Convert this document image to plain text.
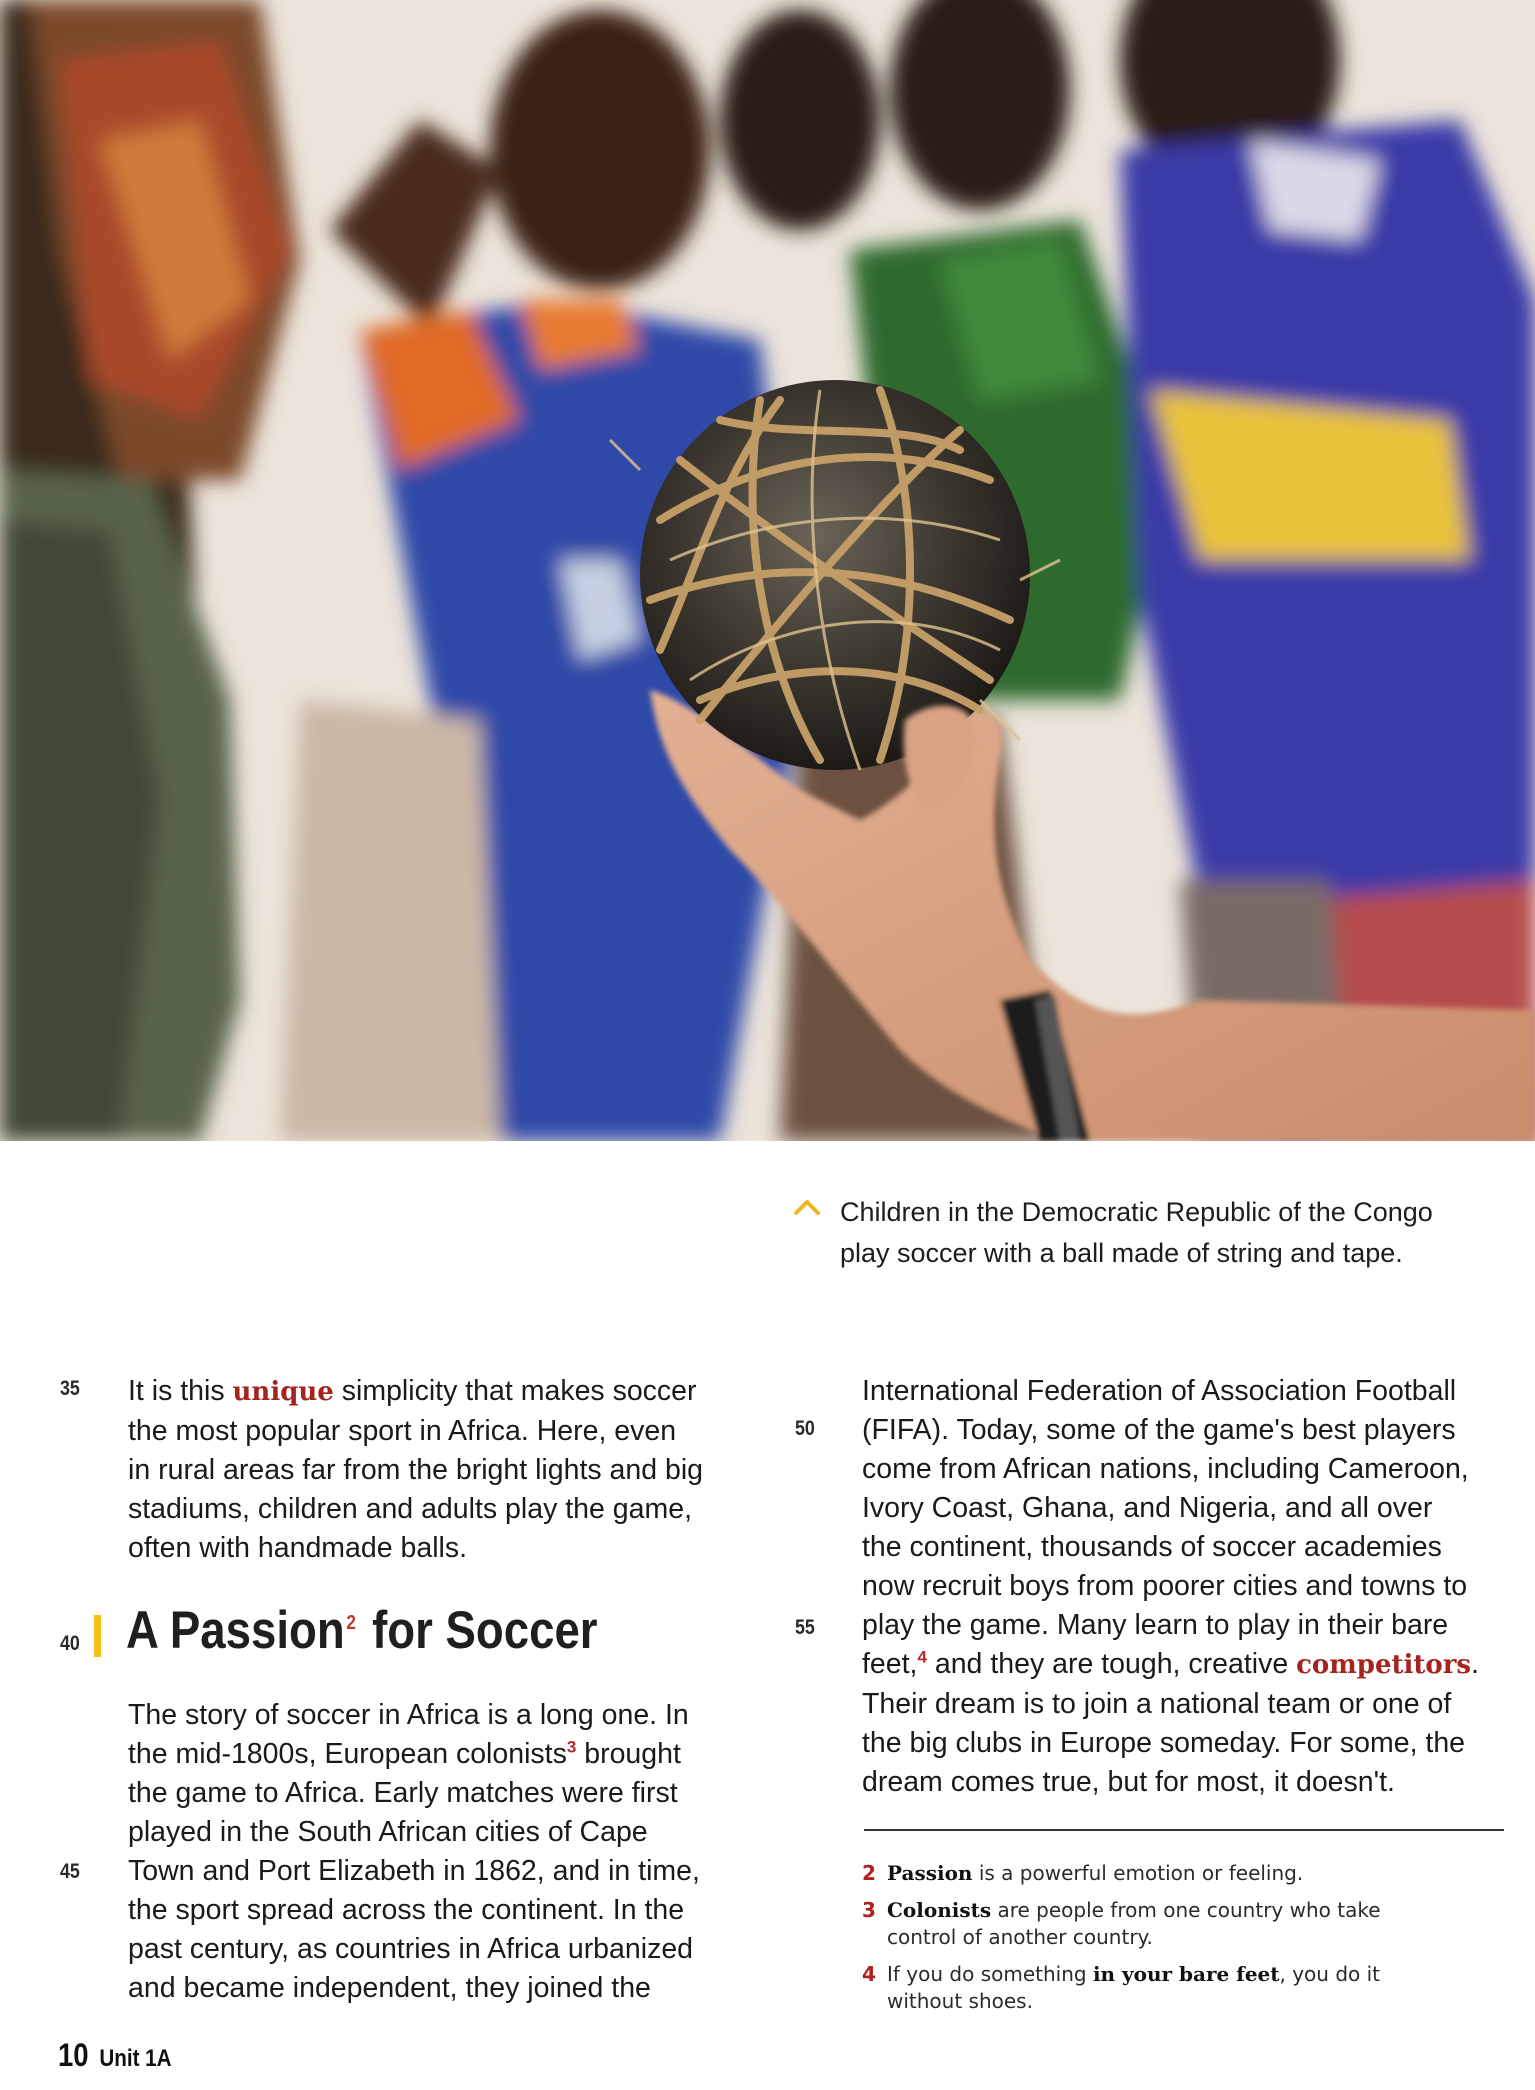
Children in the Democratic Republic of the Congo
play soccer with a ball made of string and tape.
35
40
45
50
55
It is this unique simplicity that makes soccer
the most popular sport in Africa. Here, even
in rural areas far from the bright lights and big
stadiums, children and adults play the game,
often with handmade balls.
A Passion$^2$ for Soccer
The story of soccer in Africa is a long one. In
the mid-1800s, European colonists$^3$ brought
the game to Africa. Early matches were first
played in the South African cities of Cape
Town and Port Elizabeth in 1862, and in time,
the sport spread across the continent. In the
past century, as countries in Africa urbanized
and became independent, they joined the
International Federation of Association Football
(FIFA). Today, some of the game's best players
come from African nations, including Cameroon,
Ivory Coast, Ghana, and Nigeria, and all over
the continent, thousands of soccer academies
now recruit boys from poorer cities and towns to
play the game. Many learn to play in their bare
feet,$^4$ and they are tough, creative competitors.
Their dream is to join a national team or one of
the big clubs in Europe someday. For some, the
dream comes true, but for most, it doesn't.
2 Passion is a powerful emotion or feeling.
3 Colonists are people from one country who take
control of another country.
4 If you do something in your bare feet, you do it
without shoes.
10 Unit 1A
